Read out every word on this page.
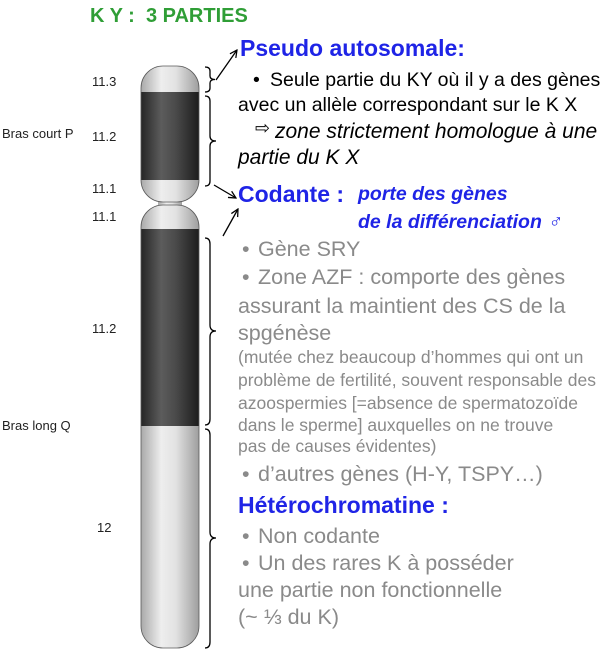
K Y :  3 PARTIES
11.3
Bras court P 11.2
11.1
11.1
11.2
Bras long Q
12
Pseudo autosomale:
• Seule partie du KY où il y a des gènes
avec un allèle correspondant sur le K X
⇨ zone strictement homologue à une
partie du K X
Codante : porte des gènes
de la différenciation ♂
• Gène SRY
• Zone AZF : comporte des gènes
assurant la maintient des CS de la
spgénèse
(mutée chez beaucoup d’hommes qui ont un
problème de fertilité, souvent responsable des
azoospermies [=absence de spermatozoïde
dans le sperme] auxquelles on ne trouve
pas de causes évidentes)
• d’autres gènes (H-Y, TSPY…)
Hétérochromatine :
• Non codante
• Un des rares K à posséder
une partie non fonctionnelle
(~ ⅓ du K)
